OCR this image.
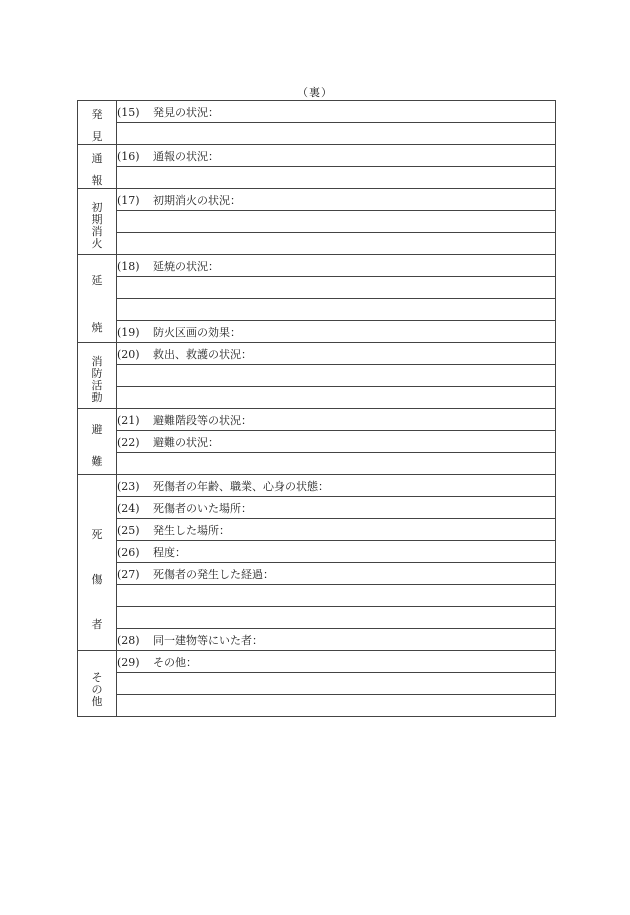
（裏）
発
見	(15) 発見の状況：

通
報	(16) 通報の状況：

初
期
消
火	(17) 初期消火の状況：

延
焼	(18) 延焼の状況：

	(19) 防火区画の効果：

消
防
活
動	(20) 救出、救護の状況：

避
難	(21) 避難階段等の状況：
	(22) 避難の状況：

死
傷
者	(23) 死傷者の年齢、職業、心身の状態：
	(24) 死傷者のいた場所：
	(25) 発生した場所：
	(26) 程度：
	(27) 死傷者の発生した経過：

	(28) 同一建物等にいた者：

そ
の
他	(29) その他：
